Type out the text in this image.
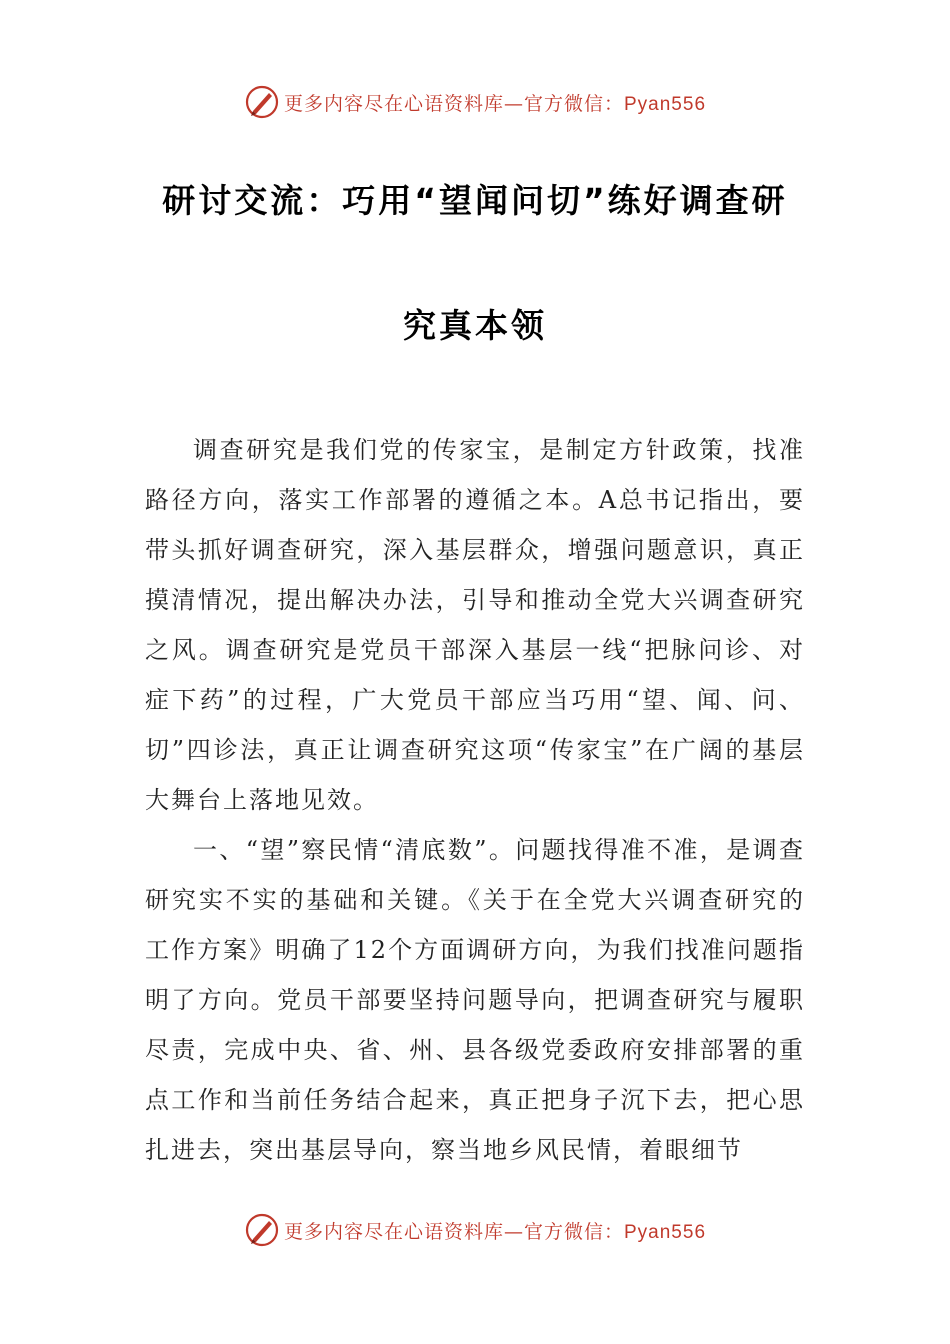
更多内容尽在心语资料库—官方微信：Pyan556
研讨交流：巧用“望闻问切”练好调查研
究真本领

调查研究是我们党的传家宝，是制定方针政策，找准路径方向，落实工作部署的遵循之本。A总书记指出，要带头抓好调查研究，深入基层群众，增强问题意识，真正摸清情况，提出解决办法，引导和推动全党大兴调查研究之风。调查研究是党员干部深入基层一线“把脉问诊、对症下药”的过程，广大党员干部应当巧用“望、闻、问、切”四诊法，真正让调查研究这项“传家宝”在广阔的基层大舞台上落地见效。

一、“望”察民情“清底数”。问题找得准不准，是调查研究实不实的基础和关键。《关于在全党大兴调查研究的工作方案》明确了12个方面调研方向，为我们找准问题指明了方向。党员干部要坚持问题导向，把调查研究与履职尽责，完成中央、省、州、县各级党委政府安排部署的重点工作和当前任务结合起来，真正把身子沉下去，把心思扎进去，突出基层导向，察当地乡风民情，着眼细节

更多内容尽在心语资料库—官方微信：Pyan556
